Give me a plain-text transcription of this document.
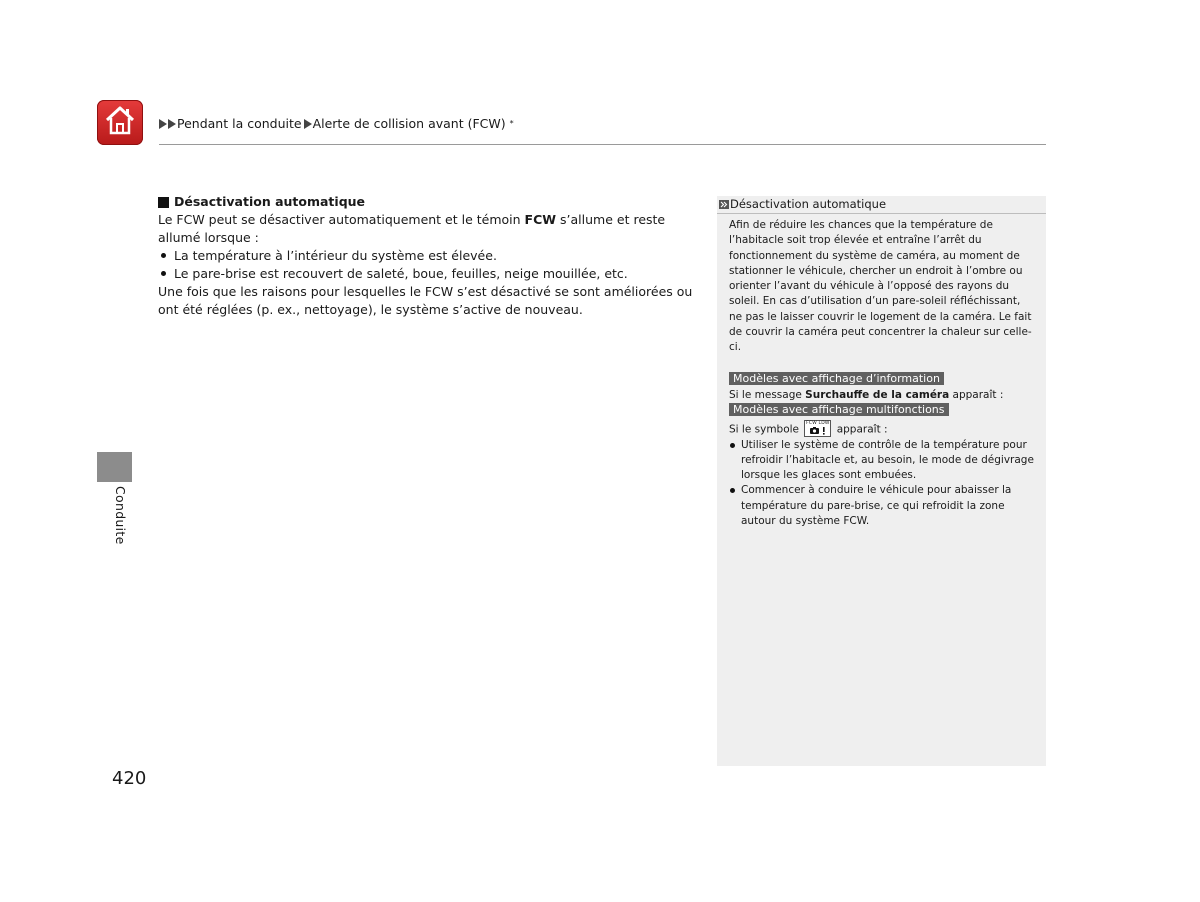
Pendant la conduite Alerte de collision avant (FCW) *
Conduite
420
Désactivation automatique
Le FCW peut se désactiver automatiquement et le témoin FCW s’allume et reste allumé lorsque :
La température à l’intérieur du système est élevée.
Le pare-brise est recouvert de saleté, boue, feuilles, neige mouillée, etc.
Une fois que les raisons pour lesquelles le FCW s’est désactivé se sont améliorées ou ont été réglées (p. ex., nettoyage), le système s’active de nouveau.
Désactivation automatique
Afin de réduire les chances que la température de l’habitacle soit trop élevée et entraîne l’arrêt du fonctionnement du système de caméra, au moment de stationner le véhicule, chercher un endroit à l’ombre ou orienter l’avant du véhicule à l’opposé des rayons du soleil. En cas d’utilisation d’un pare-soleil réfléchissant, ne pas le laisser couvrir le logement de la caméra. Le fait de couvrir la caméra peut concentrer la chaleur sur celle-ci.
Modèles avec affichage d’information
Si le message Surchauffe de la caméra apparaît :
Modèles avec affichage multifonctions
Si le symbole FCW LDW apparaît :
Utiliser le système de contrôle de la température pour refroidir l’habitacle et, au besoin, le mode de dégivrage lorsque les glaces sont embuées.
Commencer à conduire le véhicule pour abaisser la température du pare-brise, ce qui refroidit la zone autour du système FCW.
